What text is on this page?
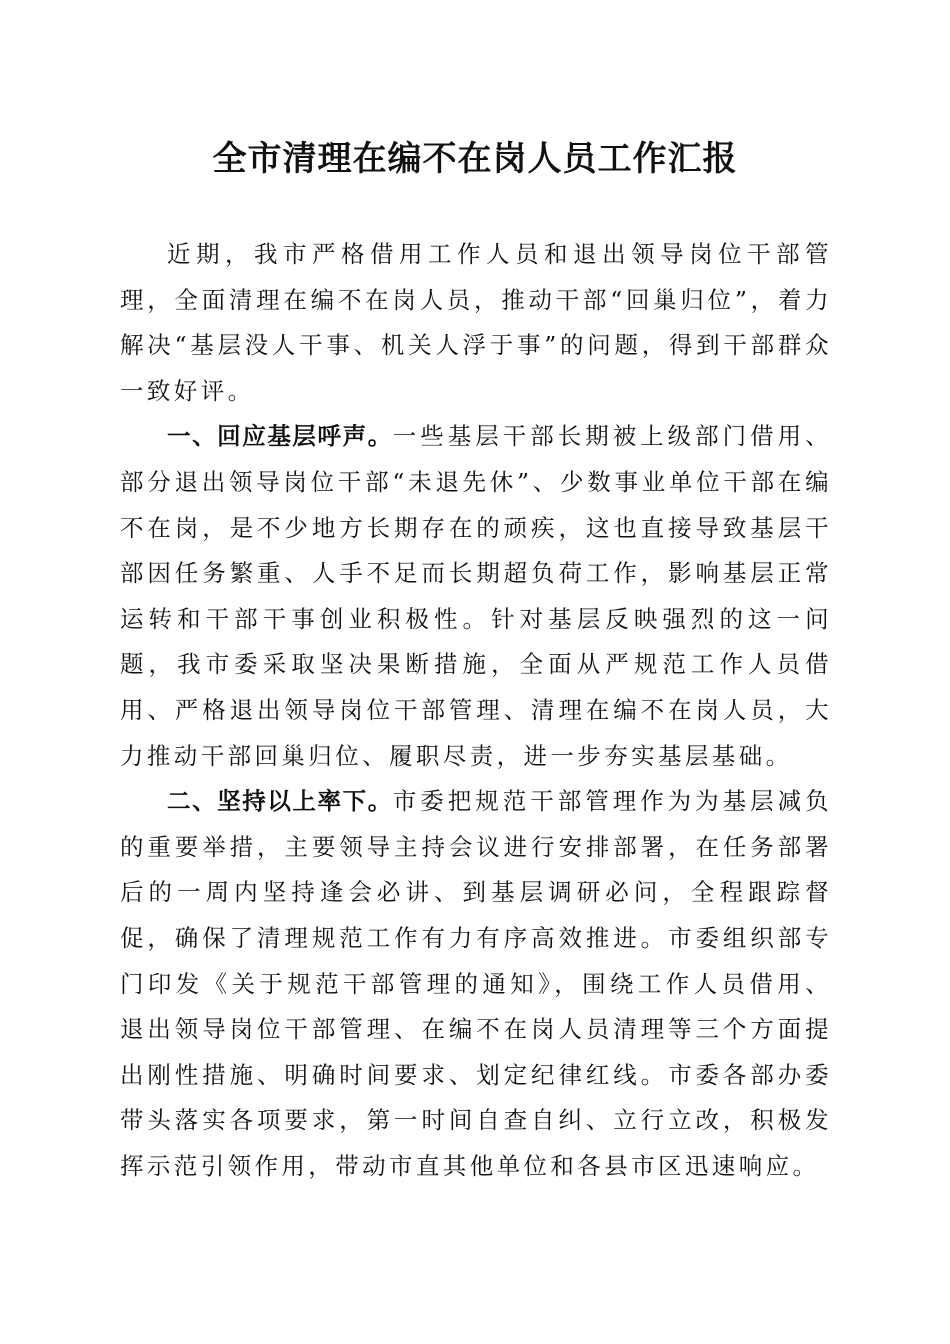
全市清理在编不在岗人员工作汇报

近期，我市严格借用工作人员和退出领导岗位干部管理，全面清理在编不在岗人员，推动干部“回巢归位”，着力解决“基层没人干事、机关人浮于事”的问题，得到干部群众一致好评。

一、回应基层呼声。一些基层干部长期被上级部门借用、部分退出领导岗位干部“未退先休”、少数事业单位干部在编不在岗，是不少地方长期存在的顽疾，这也直接导致基层干部因任务繁重、人手不足而长期超负荷工作，影响基层正常运转和干部干事创业积极性。针对基层反映强烈的这一问题，我市委采取坚决果断措施，全面从严规范工作人员借用、严格退出领导岗位干部管理、清理在编不在岗人员，大力推动干部回巢归位、履职尽责，进一步夯实基层基础。

二、坚持以上率下。市委把规范干部管理作为为基层减负的重要举措，主要领导主持会议进行安排部署，在任务部署后的一周内坚持逢会必讲、到基层调研必问，全程跟踪督促，确保了清理规范工作有力有序高效推进。市委组织部专门印发《关于规范干部管理的通知》，围绕工作人员借用、退出领导岗位干部管理、在编不在岗人员清理等三个方面提出刚性措施、明确时间要求、划定纪律红线。市委各部办委带头落实各项要求，第一时间自查自纠、立行立改，积极发挥示范引领作用，带动市直其他单位和各县市区迅速响应。
